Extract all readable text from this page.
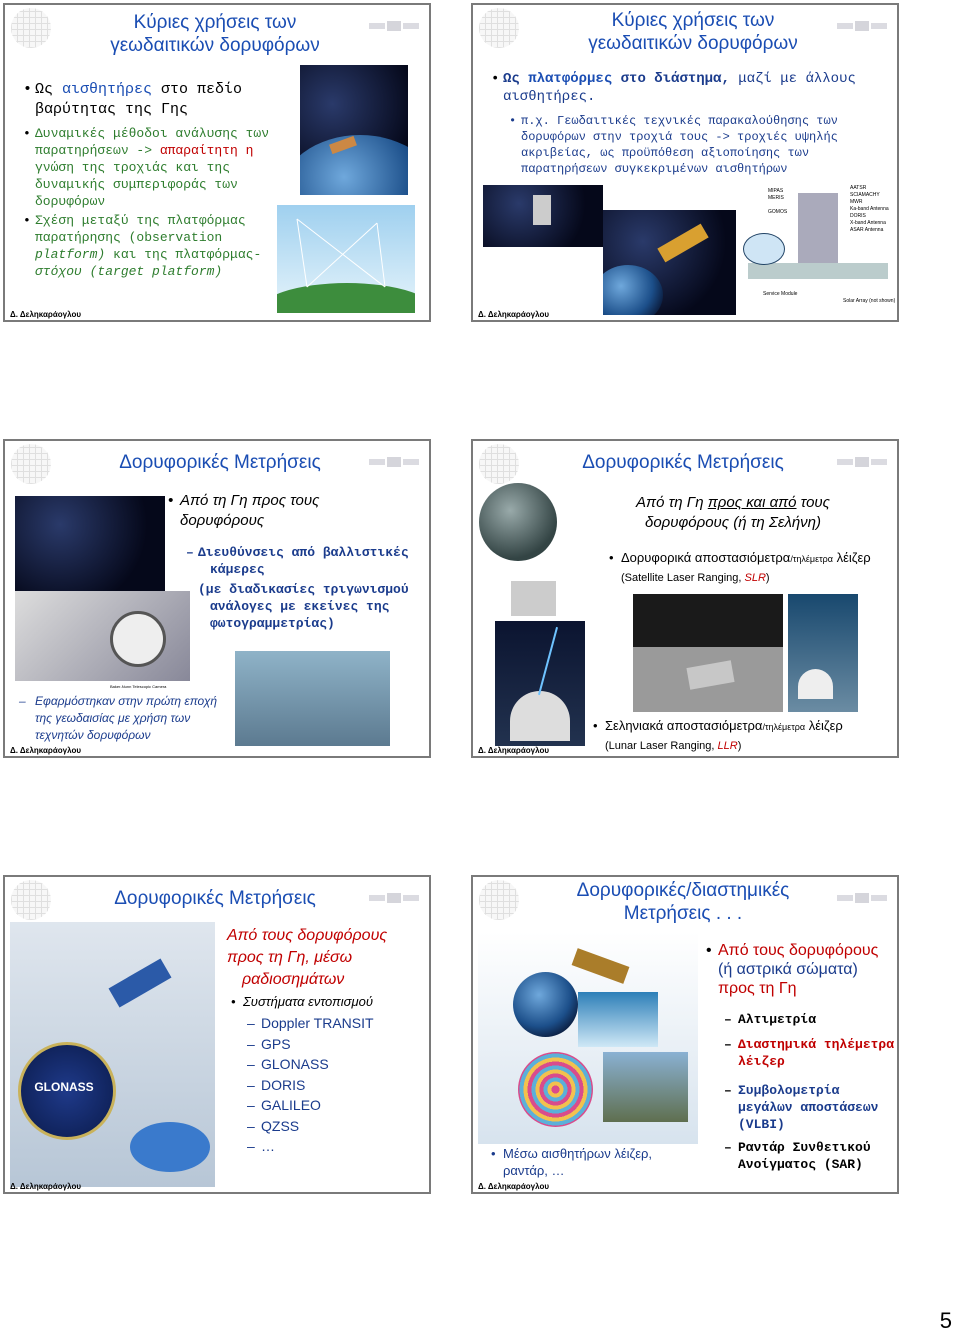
Κύριες χρήσεις των
γεωδαιτικών δορυφόρων
Ως αισθητήρες στο πεδίο
βαρύτητας της Γης
Δυναμικές μέθοδοι ανάλυσης των
παρατηρήσεων -> απαραίτητη η
γνώση της τροχιάς και της
δυναμικής συμπεριφοράς των
δορυφόρων
Σχέση μεταξύ της πλατφόρμας
παρατήρησης (observation
platform) και της πλατφόρμας-
στόχου (target platform)
Δ. Δεληκαράογλου
Κύριες χρήσεις των
γεωδαιτικών δορυφόρων
Ως πλατφόρμες στο διάστημα, μαζί με άλλους
αισθητήρες.
π.χ. Γεωδαιτικές τεχνικές παρακαλούθησης των
δορυφόρων στην τροχιά τους -> τροχιές υψηλής
ακριβείας, ως προϋπόθεση αξιοποίησης των
παρατηρήσεων συγκεκριμένων αισθητήρων
MIPAS
MERIS

GOMOS
AATSR
SCIAMACHY
MWR
Ka-band Antenna
DORIS
X-band Antenna
ASAR Antenna
Service Module
Solar Array (not shown)
Δ. Δεληκαράογλου
Δορυφορικές Μετρήσεις
Από τη Γη προς τους
δορυφόρους
– Διευθύνσεις από βαλλιστικές
κάμερες
(με διαδικασίες τριγωνισμού
ανάλογες με εκείνες της
φωτογραμμετρίας)
Baker-Nunn Telescopic Camera
– Εφαρμόστηκαν στην πρώτη εποχή
της γεωδαισίας με χρήση των
τεχνητών δορυφόρων
Δ. Δεληκαράογλου
Δορυφορικές Μετρήσεις
Από τη Γη προς και από τους
δορυφόρους (ή τη Σελήνη)
Δορυφορικά αποστασιόμετρα/τηλέμετρα λέιζερ
(Satellite Laser Ranging, SLR)
Σεληνιακά αποστασιόμετρα/τηλέμετρα λέιζερ
(Lunar Laser Ranging, LLR)
Δ. Δεληκαράογλου
Δορυφορικές Μετρήσεις
GLONASS
Από τους δορυφόρους
προς τη Γη, μέσω
ραδιοσημάτων
Συστήματα εντοπισμού
– Doppler TRANSIT
– GPS
– GLONASS
– DORIS
– GALILEO
– QZSS
– …
Δ. Δεληκαράογλου
Δορυφορικές/διαστημικές
Μετρήσεις . . .
Από τους δορυφόρους
(ή αστρικά σώματα)
προς τη Γη
– Αλτιμετρία
– Διαστημικά τηλέμετρα
λέιζερ
– Συμβολομετρία
μεγάλων αποστάσεων
(VLBI)
– Ραντάρ Συνθετικού
Ανοίγματος (SAR)
Μέσω αισθητήρων λέιζερ,
ραντάρ, …
Δ. Δεληκαράογλου
5
